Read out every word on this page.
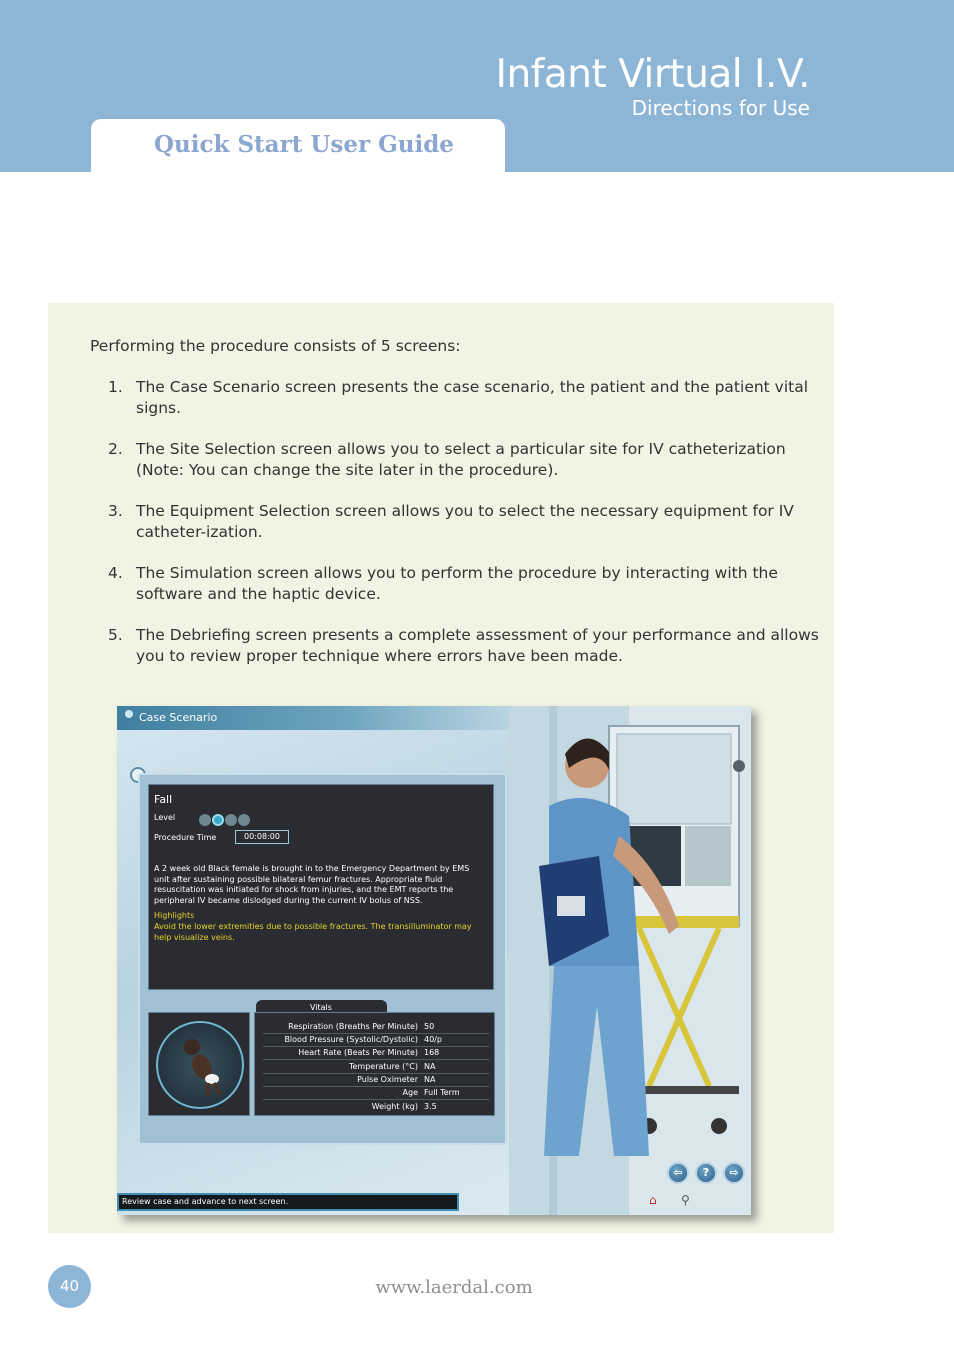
Infant Virtual I.V.
Directions for Use
Quick Start User Guide
Performing the procedure consists of 5 screens:
1. The Case Scenario screen presents the case scenario, the patient and the patient vital signs.
2. The Site Selection screen allows you to select a particular site for IV catheterization (Note: You can change the site later in the procedure).
3. The Equipment Selection screen allows you to select the necessary equipment for IV catheter-ization.
4. The Simulation screen allows you to perform the procedure by interacting with the software and the haptic device.
5. The Debriefing screen presents a complete assessment of your performance and allows you to review proper technique where errors have been made.
Case Scenario
Fall
Level
Procedure Time	00:08:00
A 2 week old Black female is brought in to the Emergency Department by EMS unit after sustaining possible bilateral femur fractures. Appropriate fluid resuscitation was initiated for shock from injuries, and the EMT reports the peripheral IV became dislodged during the current IV bolus of NSS.
Highlights
Avoid the lower extremities due to possible fractures. The transilluminator may help visualize veins.
Vitals
Respiration (Breaths Per Minute) 50
Blood Pressure (Systolic/Dystolic) 40/p
Heart Rate (Beats Per Minute) 168
Temperature (°C) NA
Pulse Oximeter NA
Age Full Term
Weight (kg) 3.5
⇦	?	⇨
⌂ ⚲
Review case and advance to next screen.
40	www.laerdal.com
